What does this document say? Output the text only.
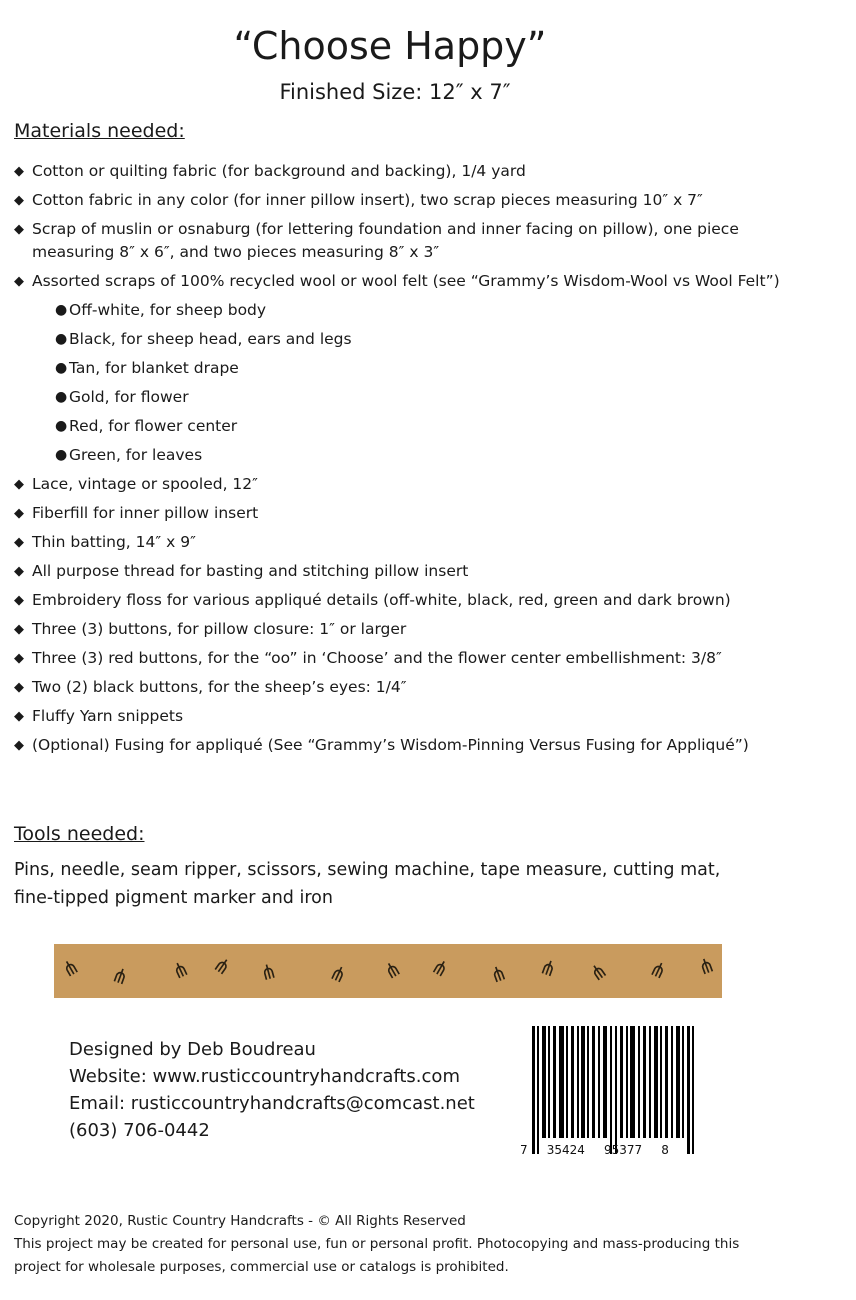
“Choose Happy”
Finished Size: 12″ x 7″
Materials needed:
◆ Cotton or quilting fabric (for background and backing), 1/4 yard
◆ Cotton fabric in any color (for inner pillow insert), two scrap pieces measuring 10″ x 7″
◆ Scrap of muslin or osnaburg (for lettering foundation and inner facing on pillow), one piece measuring 8″ x 6″, and two pieces measuring 8″ x 3″
◆ Assorted scraps of 100% recycled wool or wool felt (see “Grammy’s Wisdom-Wool vs Wool Felt”)
● Off-white, for sheep body
● Black, for sheep head, ears and legs
● Tan, for blanket drape
● Gold, for flower
● Red, for flower center
● Green, for leaves
◆ Lace, vintage or spooled, 12″
◆ Fiberfill for inner pillow insert
◆ Thin batting, 14″ x 9″
◆ All purpose thread for basting and stitching pillow insert
◆ Embroidery floss for various appliqué details (off-white, black, red, green and dark brown)
◆ Three (3) buttons, for pillow closure: 1″ or larger
◆ Three (3) red buttons, for the “oo” in ‘Choose’ and the flower center embellishment: 3/8″
◆ Two (2) black buttons, for the sheep’s eyes: 1/4″
◆ Fluffy Yarn snippets
◆ (Optional) Fusing for appliqué (See “Grammy’s Wisdom-Pinning Versus Fusing for Appliqué”)
Tools needed:
Pins, needle, seam ripper, scissors, sewing machine, tape measure, cutting mat, fine-tipped pigment marker and iron
⋔ ⋔ ⋔ ⋔ ⋔ ⋔ ⋔ ⋔ ⋔ ⋔ ⋔ ⋔ ⋔
Designed by Deb Boudreau
Website: www.rusticcountryhandcrafts.com
Email: rusticcountryhandcrafts@comcast.net
(603) 706-0442
7     35424     95377     8
Copyright 2020, Rustic Country Handcrafts - © All Rights Reserved
This project may be created for personal use, fun or personal profit. Photocopying and mass-producing this project for wholesale purposes, commercial use or catalogs is prohibited.
